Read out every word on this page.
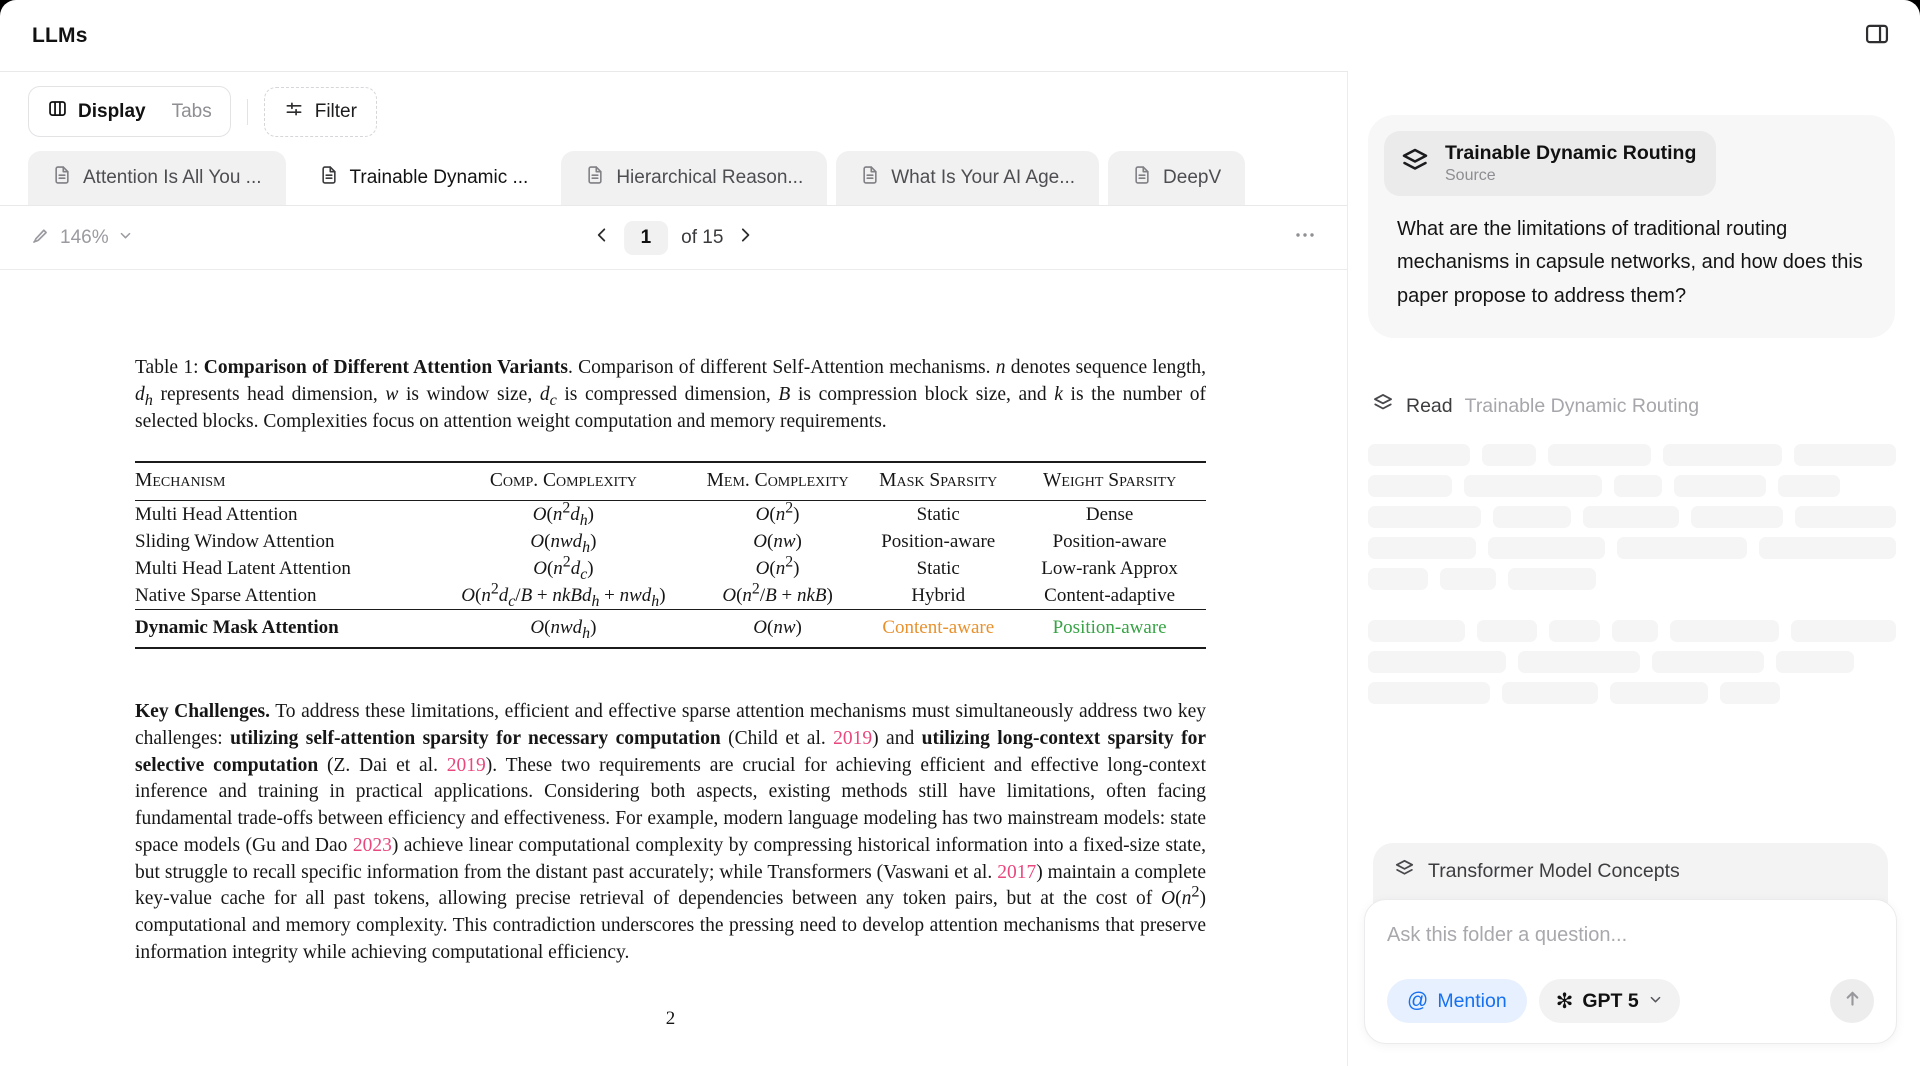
LLMs
Display Tabs	Filter
Attention Is All You ...	Trainable Dynamic ...	Hierarchical Reason...	What Is Your AI Age...	DeepV
146%	1	of 15

Table 1: Comparison of Different Attention Variants. Comparison of different Self-Attention mechanisms. n denotes sequence length, $d_h$ represents head dimension, w is window size, $d_c$ is compressed dimension, B is compression block size, and k is the number of selected blocks. Complexities focus on attention weight computation and memory requirements.

Mechanism	Comp. Complexity	Mem. Complexity	Mask Sparsity	Weight Sparsity
Multi Head Attention	$O(n^2d_h)$	$O(n^2)$	Static	Dense
Sliding Window Attention	O(nwd$_h$)	O(nw)	Position-aware	Position-aware
Multi Head Latent Attention	$O(n^2d_c)$	$O(n^2)$	Static	Low-rank Approx
Native Sparse Attention	$O(n^2d_c/B$ + nkBd$_h$ + nwd$_h$)	$O(n^2/B + nkB)$	Hybrid	Content-adaptive
Dynamic Mask Attention	O(nwd$_h$)	O(nw)	Content-aware	Position-aware

Key Challenges. To address these limitations, efficient and effective sparse attention mechanisms must simultaneously address two key challenges: utilizing self-attention sparsity for necessary computation (Child et al. 2019) and utilizing long-context sparsity for selective computation (Z. Dai et al. 2019). These two requirements are crucial for achieving efficient and effective long-context inference and training in practical applications. Considering both aspects, existing methods still have limitations, often facing fundamental trade-offs between efficiency and effectiveness. For example, modern language modeling has two mainstream models: state space models (Gu and Dao 2023) achieve linear computational complexity by compressing historical information into a fixed-size state, but struggle to recall specific information from the distant past accurately; while Transformers (Vaswani et al. 2017) maintain a complete key-value cache for all past tokens, allowing precise retrieval of dependencies between any token pairs, but at the cost of $O(n^2)$ computational and memory complexity. This contradiction underscores the pressing need to develop attention mechanisms that preserve information integrity while achieving computational efficiency.

2
Trainable Dynamic Routing
Source
What are the limitations of traditional routing mechanisms in capsule networks, and how does this paper propose to address them?
Read Trainable Dynamic Routing
Transformer Model Concepts
Ask this folder a question...
@ Mention ✻ GPT 5
